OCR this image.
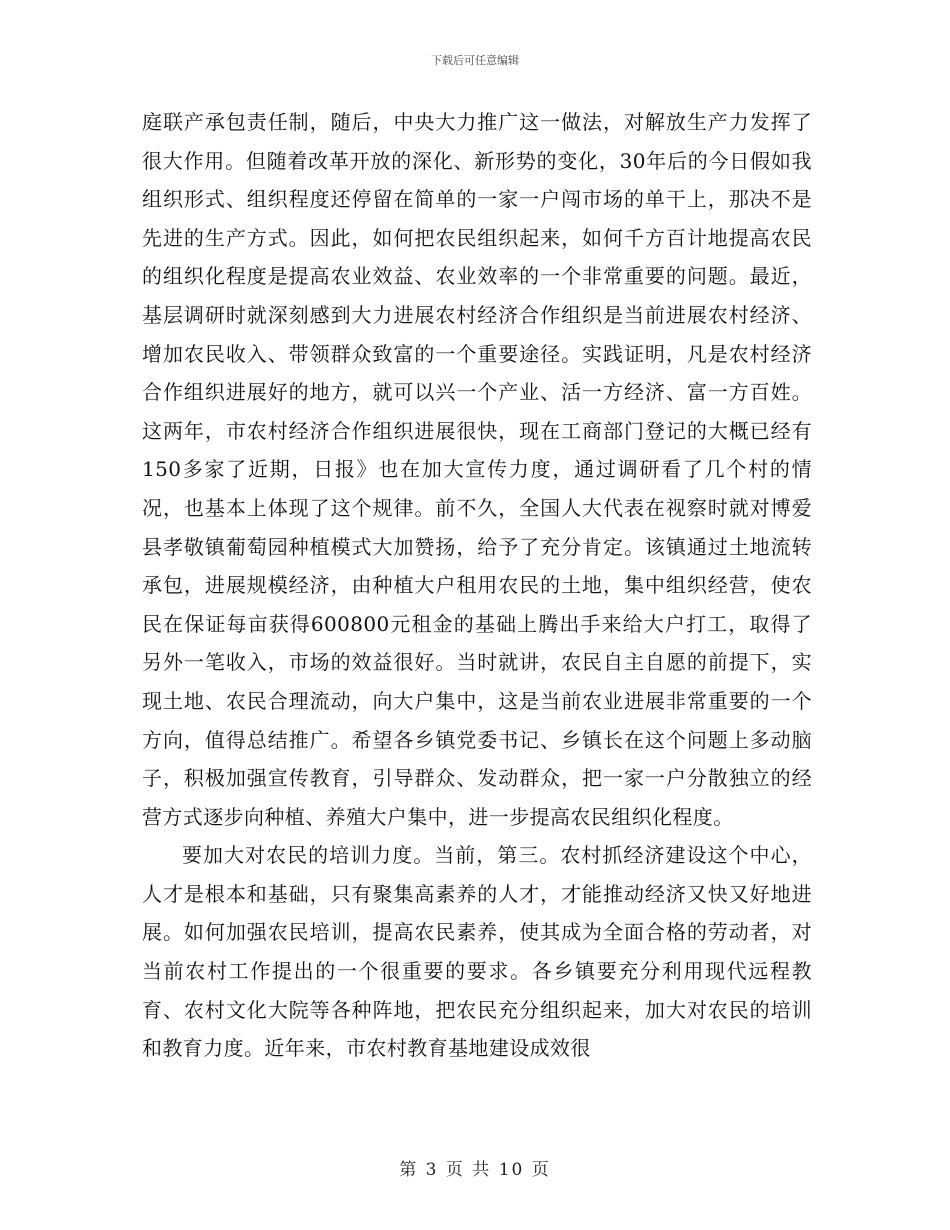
下载后可任意编辑

庭联产承包责任制，随后，中央大力推广这一做法，对解放生产力发挥了很大作用。但随着改革开放的深化、新形势的变化，30年后的今日假如我组织形式、组织程度还停留在简单的一家一户闯市场的单干上，那决不是先进的生产方式。因此，如何把农民组织起来，如何千方百计地提高农民的组织化程度是提高农业效益、农业效率的一个非常重要的问题。最近，基层调研时就深刻感到大力进展农村经济合作组织是当前进展农村经济、增加农民收入、带领群众致富的一个重要途径。实践证明，凡是农村经济合作组织进展好的地方，就可以兴一个产业、活一方经济、富一方百姓。这两年，市农村经济合作组织进展很快，现在工商部门登记的大概已经有150多家了近期，日报》也在加大宣传力度，通过调研看了几个村的情况，也基本上体现了这个规律。前不久，全国人大代表在视察时就对博爱县孝敬镇葡萄园种植模式大加赞扬，给予了充分肯定。该镇通过土地流转承包，进展规模经济，由种植大户租用农民的土地，集中组织经营，使农民在保证每亩获得600800元租金的基础上腾出手来给大户打工，取得了另外一笔收入，市场的效益很好。当时就讲，农民自主自愿的前提下，实现土地、农民合理流动，向大户集中，这是当前农业进展非常重要的一个方向，值得总结推广。希望各乡镇党委书记、乡镇长在这个问题上多动脑子，积极加强宣传教育，引导群众、发动群众，把一家一户分散独立的经营方式逐步向种植、养殖大户集中，进一步提高农民组织化程度。

要加大对农民的培训力度。当前，第三。农村抓经济建设这个中心，人才是根本和基础，只有聚集高素养的人才，才能推动经济又快又好地进展。如何加强农民培训，提高农民素养，使其成为全面合格的劳动者，对当前农村工作提出的一个很重要的要求。各乡镇要充分利用现代远程教育、农村文化大院等各种阵地，把农民充分组织起来，加大对农民的培训和教育力度。近年来，市农村教育基地建设成效很

第 3 页 共 10 页
